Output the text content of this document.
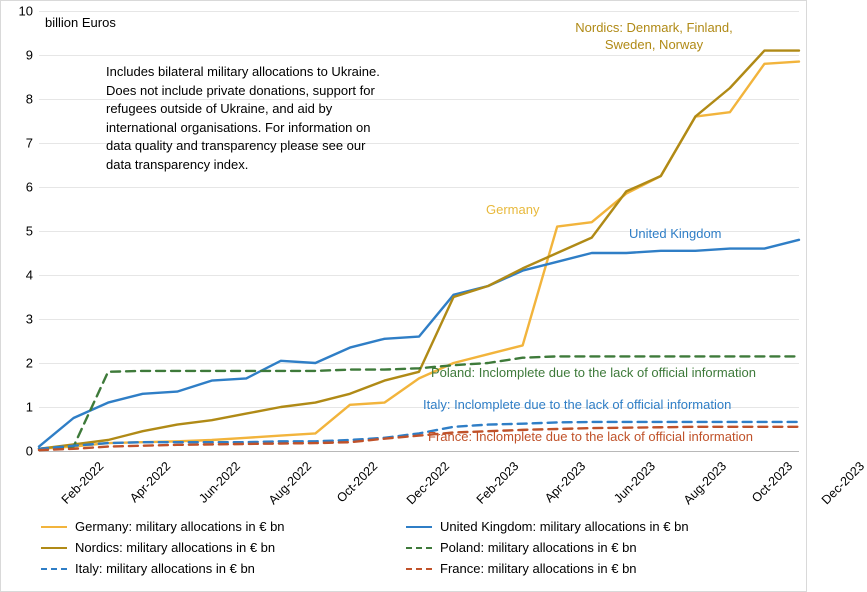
billion Euros
0
1
2
3
4
5
6
7
8
9
10
Feb-2022 Apr-2022 Jun-2022 Aug-2022 Oct-2022 Dec-2022 Feb-2023 Apr-2023 Jun-2023 Aug-2023 Oct-2023 Dec-2023
Includes bilateral military allocations to Ukraine.
Does not include private donations, support for
refugees outside of Ukraine, and aid by
international organisations. For information on
data quality and transparency please see our
data transparency index.
Nordics: Denmark, Finland,
Sweden, Norway
Germany
United Kingdom
Poland: Inclomplete due to the lack of official information
Italy: Inclomplete due to the lack of official information
France: Inclomplete due to the lack of official information
Germany: military allocations in € bn	United Kingdom: military allocations in € bn
Nordics: military allocations in € bn	Poland: military allocations in € bn
Italy: military allocations in € bn	France: military allocations in € bn
